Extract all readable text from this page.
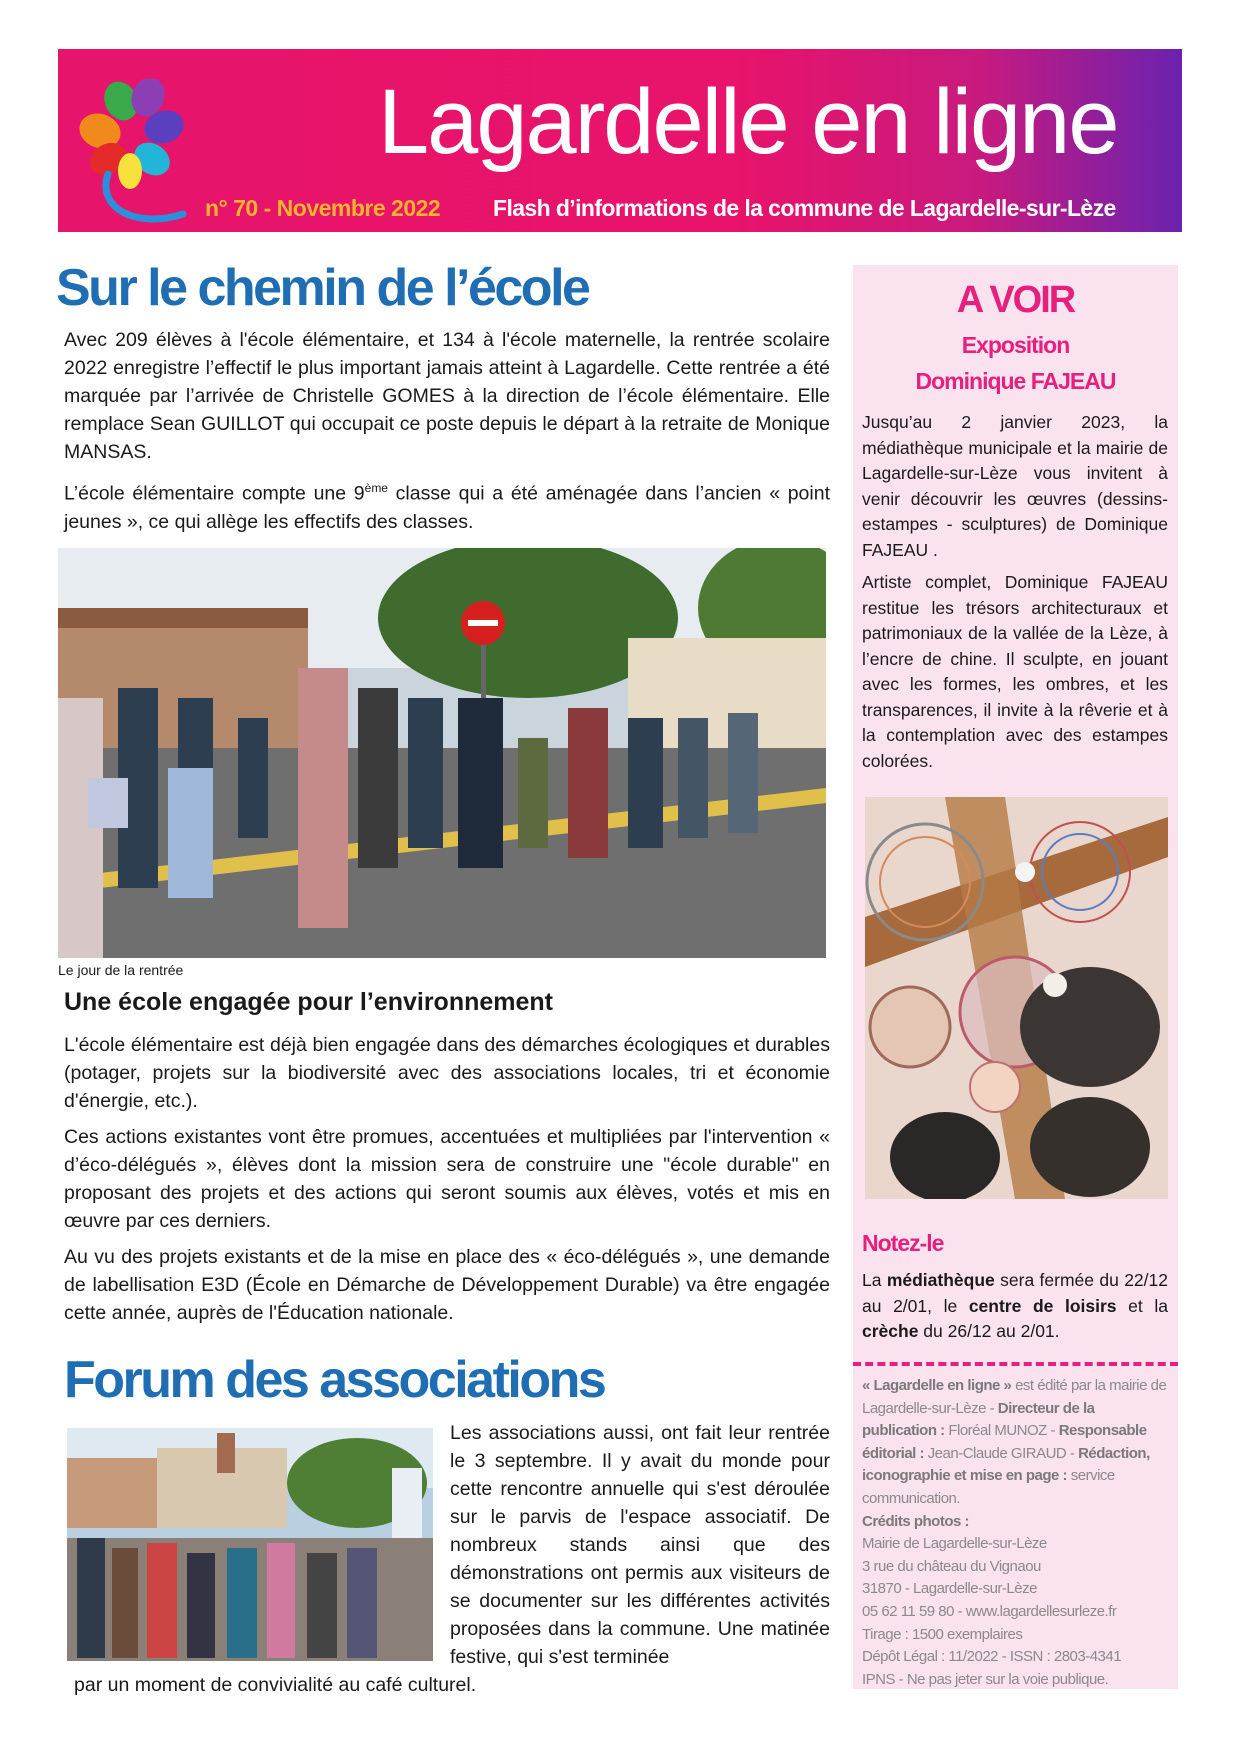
Lagardelle en ligne
n° 70 - Novembre 2022 Flash d’informations de la commune de Lagardelle-sur-Lèze
Sur le chemin de l’école

Avec 209 élèves à l'école élémentaire, et 134 à l'école maternelle, la rentrée scolaire 2022 enregistre l’effectif le plus important jamais atteint à Lagardelle. Cette rentrée a été marquée par l’arrivée de Christelle GOMES à la direction de l’école élémentaire. Elle remplace Sean GUILLOT qui occupait ce poste depuis le départ à la retraite de Monique MANSAS.

L’école élémentaire compte une 9ème classe qui a été aménagée dans l’ancien « point jeunes », ce qui allège les effectifs des classes.

Le jour de la rentrée
Une école engagée pour l’environnement

L'école élémentaire est déjà bien engagée dans des démarches écologiques et durables (potager, projets sur la biodiversité avec des associations locales, tri et économie d'énergie, etc.).

Ces actions existantes vont être promues, accentuées et multipliées par l'intervention « d’éco-délégués », élèves dont la mission sera de construire une "école durable" en proposant des projets et des actions qui seront soumis aux élèves, votés et mis en œuvre par ces derniers.

Au vu des projets existants et de la mise en place des « éco-délégués », une demande de labellisation E3D (École en Démarche de Développement Durable) va être engagée cette année, auprès de l'Éducation nationale.

Forum des associations
Les associations aussi, ont fait leur rentrée le 3 septembre. Il y avait du monde pour cette rencontre annuelle qui s'est déroulée sur le parvis de l'espace associatif. De nombreux stands ainsi que des démonstrations ont permis aux visiteurs de se documenter sur les différentes activités proposées dans la commune. Une matinée festive, qui s'est terminée
par un moment de convivialité au café culturel.
A VOIR
Exposition
Dominique FAJEAU

Jusqu’au 2 janvier 2023, la médiathèque municipale et la mairie de Lagardelle-sur-Lèze vous invitent à venir découvrir les œuvres (dessins-estampes - sculptures) de Dominique FAJEAU .

Artiste complet, Dominique FAJEAU restitue les trésors architecturaux et patrimoniaux de la vallée de la Lèze, à l’encre de chine. Il sculpte, en jouant avec les formes, les ombres, et les transparences, il invite à la rêverie et à la contemplation avec des estampes colorées.

Notez-le
La médiathèque sera fermée du 22/12 au 2/01, le centre de loisirs et la crèche du 26/12 au 2/01.
« Lagardelle en ligne » est édité par la mairie de Lagardelle-sur-Lèze - Directeur de la publication : Floréal MUNOZ - Responsable éditorial : Jean-Claude GIRAUD - Rédaction, iconographie et mise en page : service communication.
Crédits photos :
Mairie de Lagardelle-sur-Lèze
3 rue du château du Vignaou
31870 - Lagardelle-sur-Lèze
05 62 11 59 80 - www.lagardellesurleze.fr
Tirage : 1500 exemplaires
Dépôt Légal : 11/2022 - ISSN : 2803-4341
IPNS - Ne pas jeter sur la voie publique.
